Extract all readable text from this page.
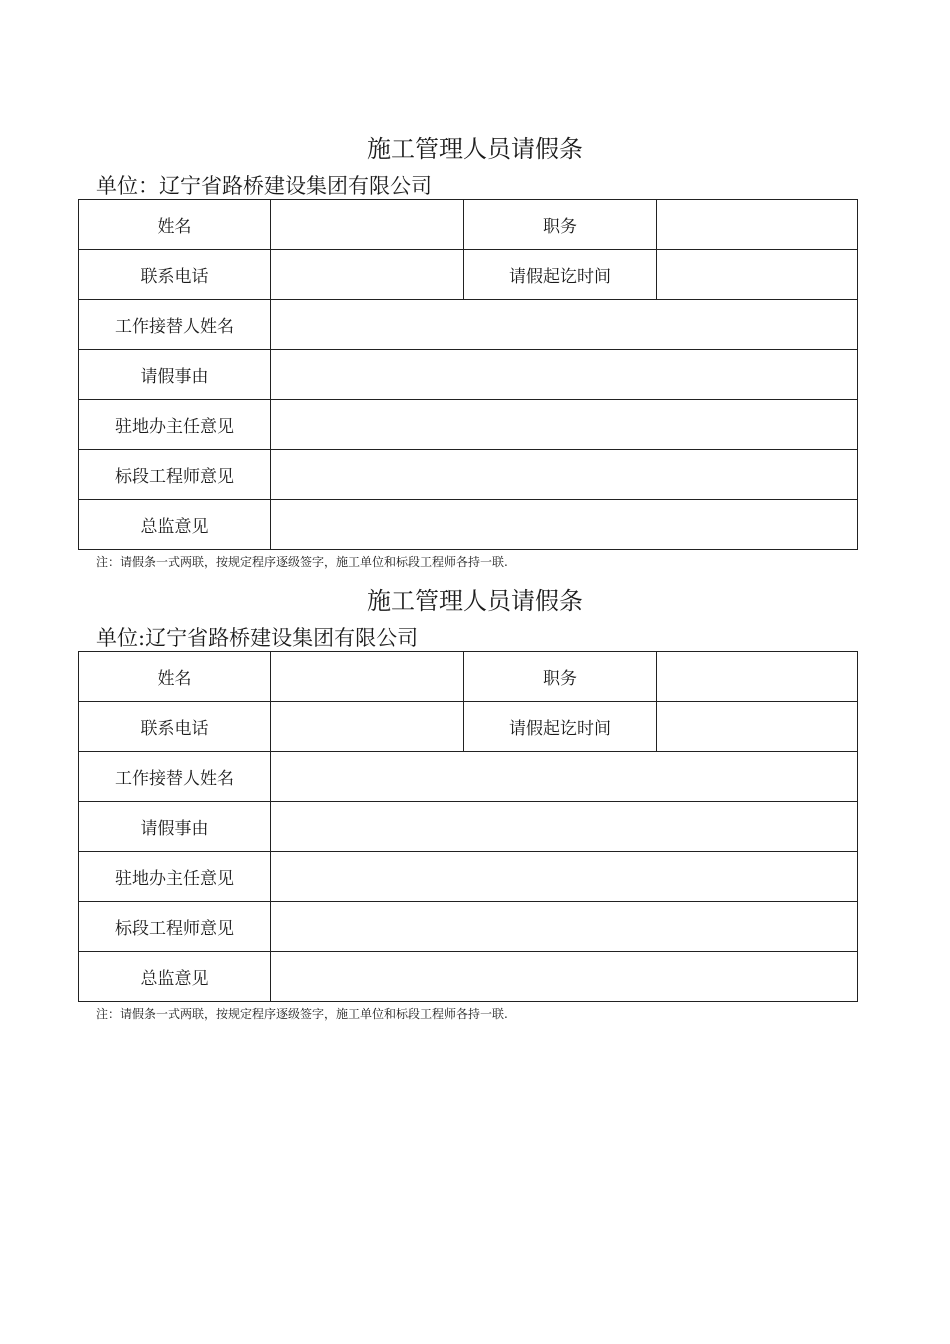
施工管理人员请假条
单位：辽宁省路桥建设集团有限公司
姓名		职务	
联系电话		请假起讫时间	
工作接替人姓名			
请假事由			
驻地办主任意见			
标段工程师意见			
总监意见			
注：请假条一式两联，按规定程序逐级签字，施工单位和标段工程师各持一联.
施工管理人员请假条
单位:辽宁省路桥建设集团有限公司
姓名		职务	
联系电话		请假起讫时间	
工作接替人姓名			
请假事由			
驻地办主任意见			
标段工程师意见			
总监意见			
注：请假条一式两联，按规定程序逐级签字，施工单位和标段工程师各持一联.
